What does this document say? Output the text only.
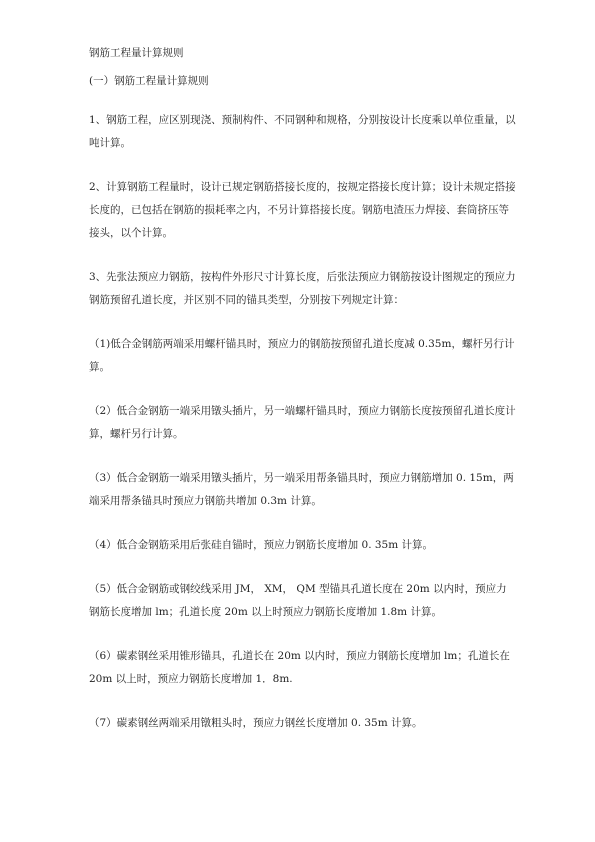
钢筋工程量计算规则
(一）钢筋工程量计算规则

1、钢筋工程，应区别现浇、预制构件、不同钢种和规格，分别按设计长度乘以单位重量，以吨计算。

2、计算钢筋工程量时，设计已规定钢筋搭接长度的，按规定搭接长度计算；设计未规定搭接长度的，已包括在钢筋的损耗率之内，不另计算搭接长度。钢筋电渣压力焊接、套筒挤压等接头，以个计算。

3、先张法预应力钢筋，按构件外形尺寸计算长度，后张法预应力钢筋按设计图规定的预应力钢筋预留孔道长度，并区别不同的锚具类型，分别按下列规定计算：

（1)低合金钢筋两端采用螺杆锚具时，预应力的钢筋按预留孔道长度减 0.35m，螺杆另行计算。

（2）低合金钢筋一端采用镦头插片，另一端螺杆锚具时，预应力钢筋长度按预留孔道长度计算，螺杆另行计算。

（3）低合金钢筋一端采用镦头插片，另一端采用帮条锚具时，预应力钢筋增加 0. 15m，两端采用帮条锚具时预应力钢筋共增加 0.3m 计算。

（4）低合金钢筋采用后张硅自锚时，预应力钢筋长度增加 0. 35m 计算。

（5）低合金钢筋或钢绞线采用 JM， XM， QM 型锚具孔道长度在 20m 以内时，预应力钢筋长度增加 lm；孔道长度 20m 以上时预应力钢筋长度增加 1.8m 计算。

（6）碳素钢丝采用锥形锚具，孔道长在 20m 以内时，预应力钢筋长度增加 lm；孔道长在 20m 以上时，预应力钢筋长度增加 1．8m.

（7）碳素钢丝两端采用镦粗头时，预应力钢丝长度增加 0. 35m 计算。
